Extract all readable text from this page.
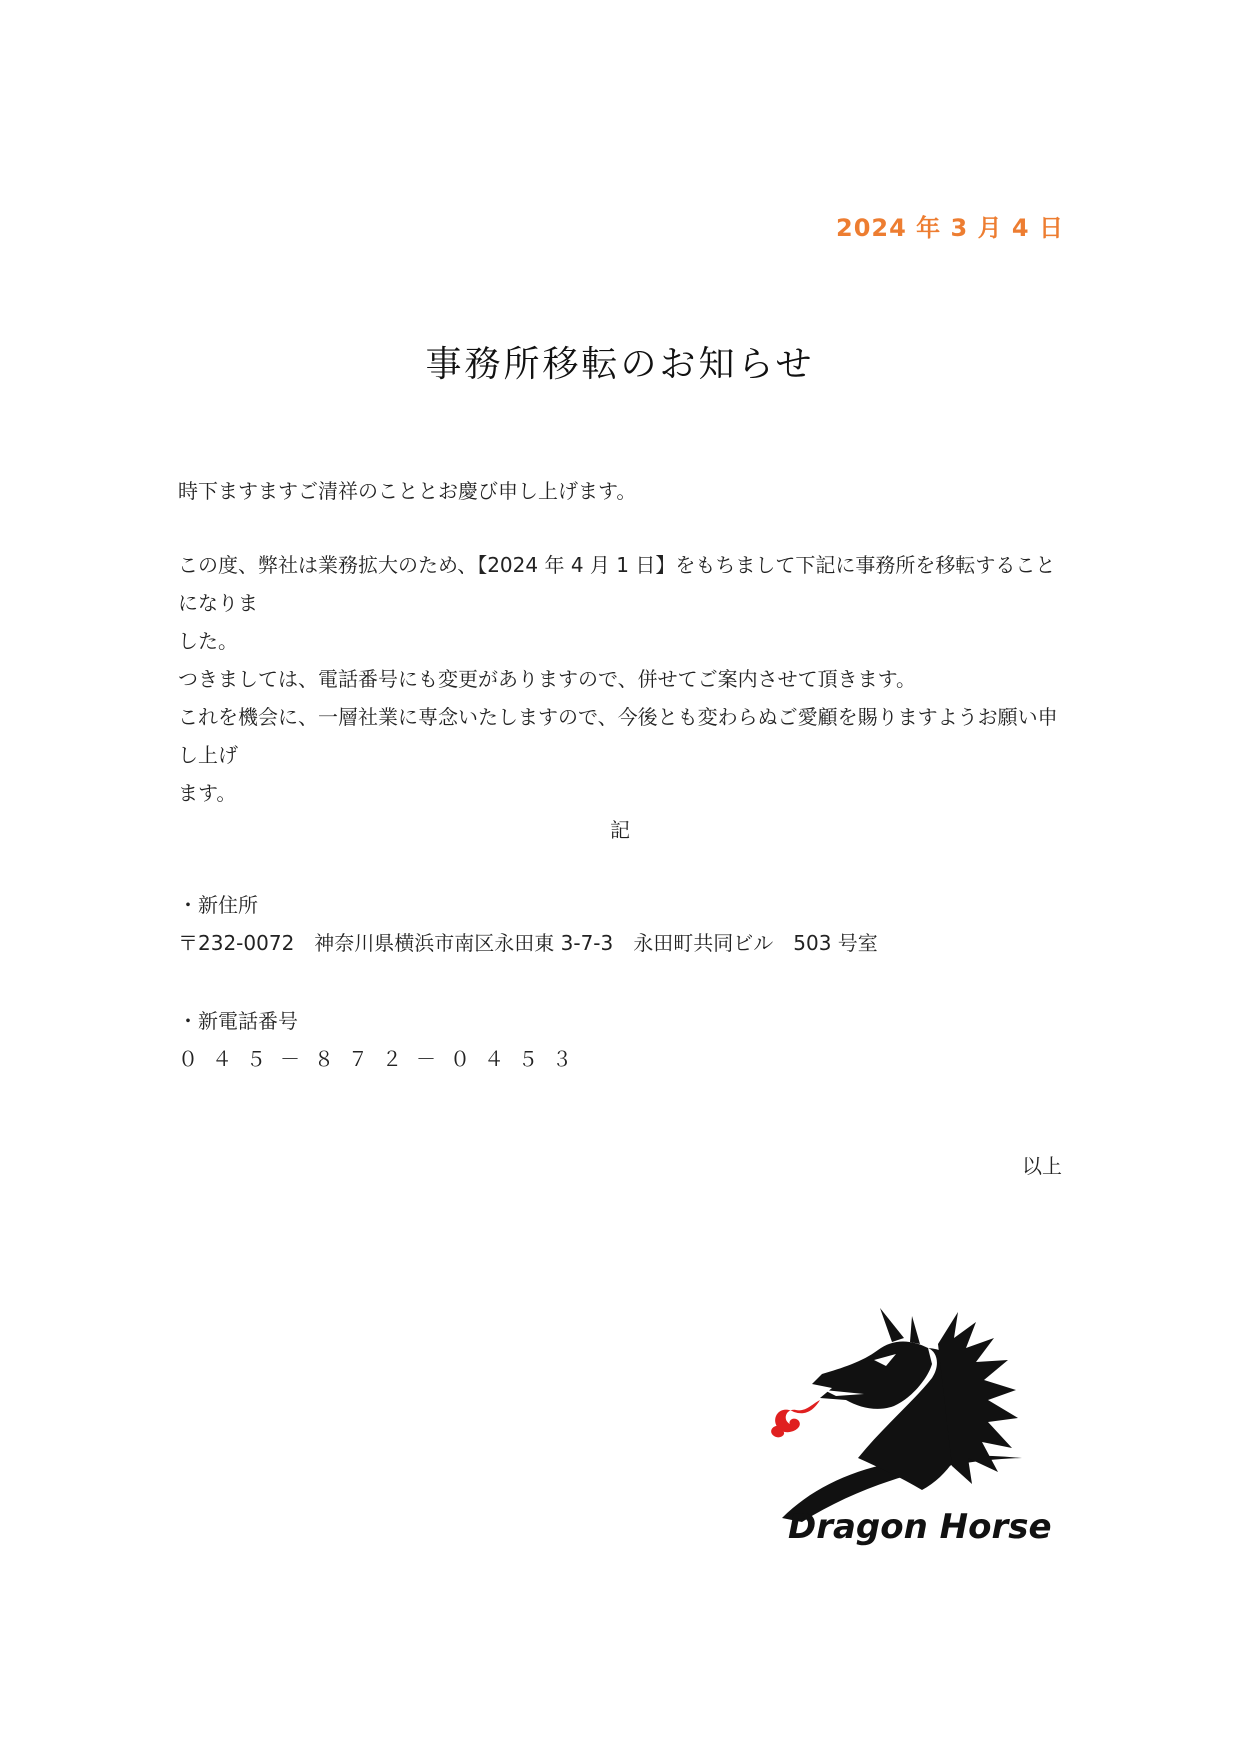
2024 年 3 月 4 日
事務所移転のお知らせ
時下ますますご清祥のこととお慶び申し上げます。
この度、弊社は業務拡大のため、【2024 年 4 月 1 日】をもちまして下記に事務所を移転することになりま
した。
つきましては、電話番号にも変更がありますので、併せてご案内させて頂きます。
これを機会に、一層社業に専念いたしますので、今後とも変わらぬご愛顧を賜りますようお願い申し上げ
ます。
記
・新住所
〒232-0072　神奈川県横浜市南区永田東 3-7-3　永田町共同ビル　503 号室
・新電話番号
０４５－８７２－０４５３
以上
Dragon Horse
